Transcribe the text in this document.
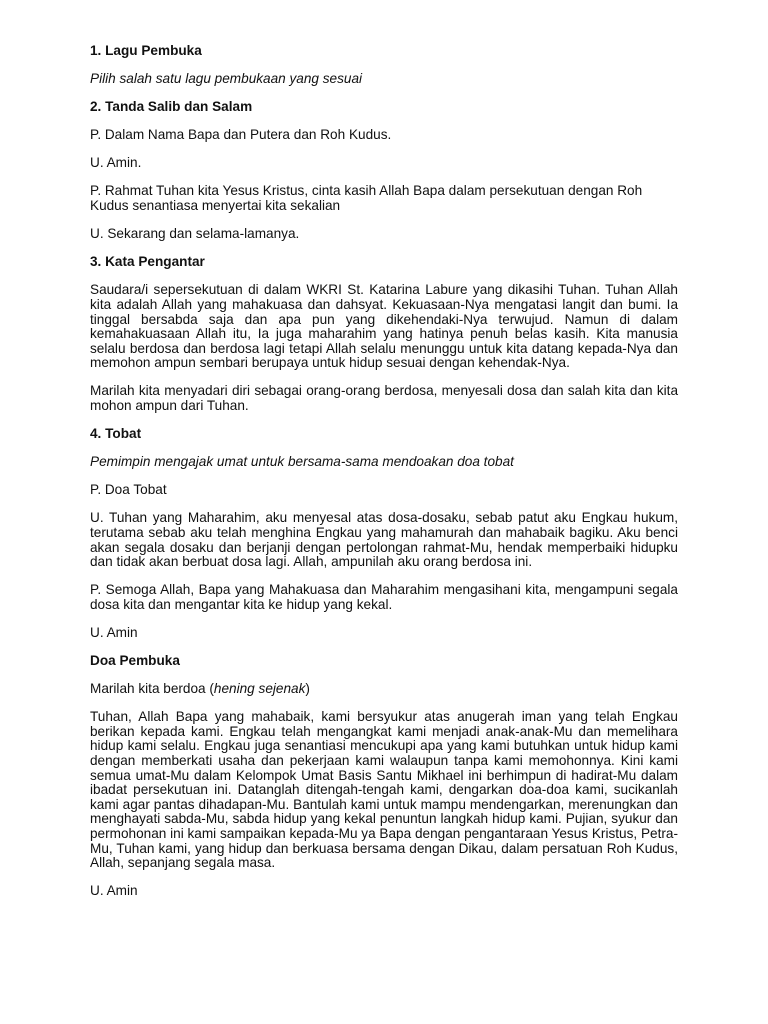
1. Lagu Pembuka

Pilih salah satu lagu pembukaan yang sesuai

2. Tanda Salib dan Salam

P. Dalam Nama Bapa dan Putera dan Roh Kudus.

U. Amin.

P. Rahmat Tuhan kita Yesus Kristus, cinta kasih Allah Bapa dalam persekutuan dengan Roh Kudus senantiasa menyertai kita sekalian

U. Sekarang dan selama-lamanya.

3. Kata Pengantar

Saudara/i sepersekutuan di dalam WKRI St. Katarina Labure yang dikasihi Tuhan. Tuhan Allah kita adalah Allah yang mahakuasa dan dahsyat. Kekuasaan-Nya mengatasi langit dan bumi. Ia tinggal bersabda saja dan apa pun yang dikehendaki-Nya terwujud. Namun di dalam kemahakuasaan Allah itu, Ia juga maharahim yang hatinya penuh belas kasih. Kita manusia selalu berdosa dan berdosa lagi tetapi Allah selalu menunggu untuk kita datang kepada-Nya dan memohon ampun sembari berupaya untuk hidup sesuai dengan kehendak-Nya.

Marilah kita menyadari diri sebagai orang-orang berdosa, menyesali dosa dan salah kita dan kita mohon ampun dari Tuhan.

4. Tobat

Pemimpin mengajak umat untuk bersama-sama mendoakan doa tobat

P. Doa Tobat

U. Tuhan yang Maharahim, aku menyesal atas dosa-dosaku, sebab patut aku Engkau hukum, terutama sebab aku telah menghina Engkau yang mahamurah dan mahabaik bagiku. Aku benci akan segala dosaku dan berjanji dengan pertolongan rahmat-Mu, hendak memperbaiki hidupku dan tidak akan berbuat dosa lagi. Allah, ampunilah aku orang berdosa ini.

P. Semoga Allah, Bapa yang Mahakuasa dan Maharahim mengasihani kita, mengampuni segala dosa kita dan mengantar kita ke hidup yang kekal.

U. Amin

Doa Pembuka

Marilah kita berdoa (hening sejenak)

Tuhan, Allah Bapa yang mahabaik, kami bersyukur atas anugerah iman yang telah Engkau berikan kepada kami. Engkau telah mengangkat kami menjadi anak-anak-Mu dan memelihara hidup kami selalu. Engkau juga senantiasi mencukupi apa yang kami butuhkan untuk hidup kami dengan memberkati usaha dan pekerjaan kami walaupun tanpa kami memohonnya. Kini kami semua umat-Mu dalam Kelompok Umat Basis Santu Mikhael ini berhimpun di hadirat-Mu dalam ibadat persekutuan ini. Datanglah ditengah-tengah kami, dengarkan doa-doa kami, sucikanlah kami agar pantas dihadapan-Mu. Bantulah kami untuk mampu mendengarkan, merenungkan dan menghayati sabda-Mu, sabda hidup yang kekal penuntun langkah hidup kami. Pujian, syukur dan permohonan ini kami sampaikan kepada-Mu ya Bapa dengan pengantaraan Yesus Kristus, Petra-Mu, Tuhan kami, yang hidup dan berkuasa bersama dengan Dikau, dalam persatuan Roh Kudus, Allah, sepanjang segala masa.

U. Amin
